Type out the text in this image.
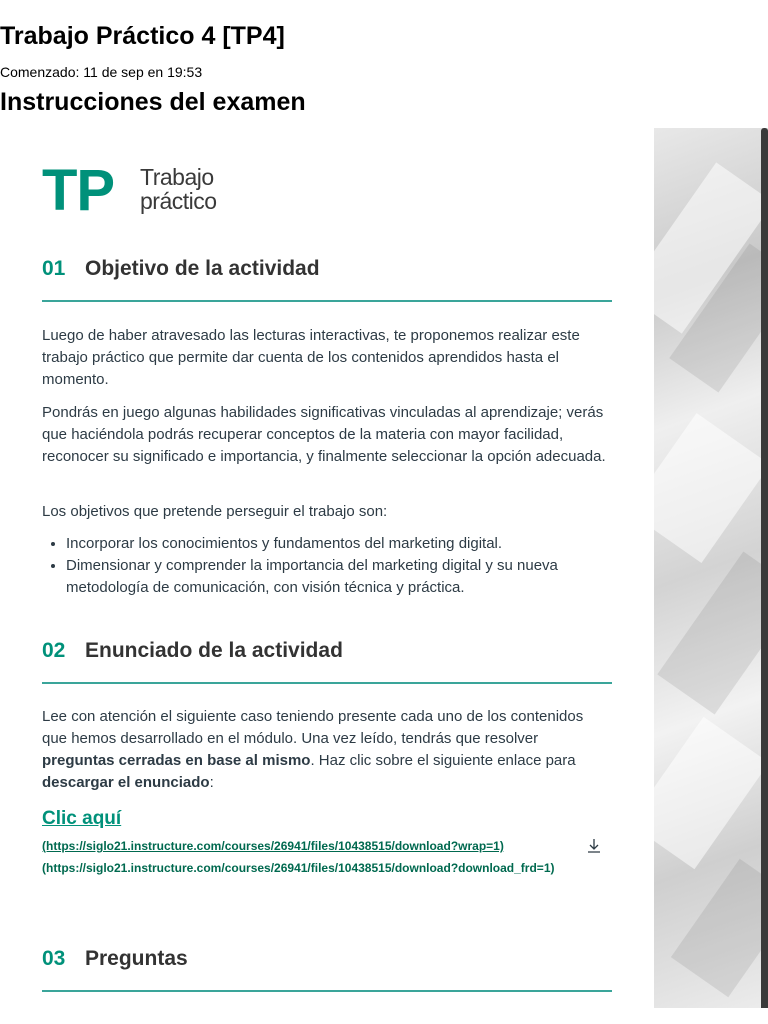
Trabajo Práctico 4 [TP4]
Comenzado: 11 de sep en 19:53
Instrucciones del examen
TP Trabajo
práctico
01 Objetivo de la actividad

Luego de haber atravesado las lecturas interactivas, te proponemos realizar este trabajo práctico que permite dar cuenta de los contenidos aprendidos hasta el momento.

Pondrás en juego algunas habilidades significativas vinculadas al aprendizaje; verás que haciéndola podrás recuperar conceptos de la materia con mayor facilidad, reconocer su significado e importancia, y finalmente seleccionar la opción adecuada.

Los objetivos que pretende perseguir el trabajo son:

• Incorporar los conocimientos y fundamentos del marketing digital.
• Dimensionar y comprender la importancia del marketing digital y su nueva metodología de comunicación, con visión técnica y práctica.
02 Enunciado de la actividad

Lee con atención el siguiente caso teniendo presente cada uno de los contenidos que hemos desarrollado en el módulo. Una vez leído, tendrás que resolver preguntas cerradas en base al mismo. Haz clic sobre el siguiente enlace para descargar el enunciado:

Clic aquí
(https://siglo21.instructure.com/courses/26941/files/10438515/download?wrap=1)
(https://siglo21.instructure.com/courses/26941/files/10438515/download?download_frd=1)
03 Preguntas
